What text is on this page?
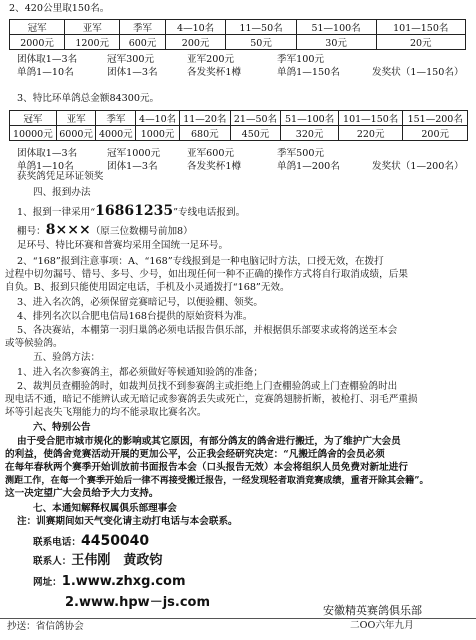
2、420公里取150名。
冠军	亚军	季军	4—10名	11—50名	51—100名	101—150名
2000元	1200元	600元	200元	50元	30元	20元
团体取1—3名	冠军300元	亚军200元	季军100元
单鸽1—10名	团体1—3名	各发奖杯1樽	单鸽1—150名	发奖状（1—150名）
3、特比环单鸽总金额84300元。
冠军	亚军	季军	4—10名	11—20名	21—50名	51—100名	101—150名	151—200名
10000元	6000元	4000元	1000元	680元	450元	320元	220元	200元
团体取1—3名	冠军1000元	亚军600元	季军500元
单鸽1—10名	团体1—3名	各发奖杯1樽	单鸽1—200名	发奖状（1—200名）
获奖鸽凭足环证领奖
四、报到办法
1、报到一律采用“16861235”专线电话报到。
棚号：8×××（原三位数棚号前加8）
足环号、特比环赛和普赛均采用全国统一足环号。
2、“168”报到注意事项：A、“168”专线报到是一种电脑记时方法，口授无效，在拨打
过程中切勿漏号、错号、多号、少号，如出现任何一种不正确的操作方式将自行取消成绩，后果
自负。B、报到只能使用固定电话，手机及小灵通拨打“168”无效。
3、进入名次鸽，必须保留竞赛暗记号，以便验棚、领奖。
4、排列名次以合肥电信局168台提供的原始资料为准。
5、各决赛站，本棚第一羽归巢鸽必须电话报告俱乐部，并根据俱乐部要求或将鸽送至本会
或等候验鸽。
五、验鸽方法：
1、进入名次参赛鸽主，都必须做好等候通知验鸽的准备；
2、裁判员查棚验鸽时，如裁判员找不到参赛鸽主或拒绝上门查棚验鸽或上门查棚验鸽时出
现电话不通，暗记不能辨认或无暗记或参赛鸽丢失或死亡，竞赛鸽翅膀折断，被枪打、羽毛严重损
坏等引起丧失飞翔能力的均不能录取比赛名次。
六、特别公告
由于受合肥市城市规化的影响或其它原因，有部分鸽友的鸽舍进行搬迁，为了维护广大会员
的利益，使鸽舍竞赛活动开展的更加公平，公正我会经研究决定：“凡搬迁鸽舍的会员必须
在每年春秋两个赛季开始训放前书面报告本会（口头报告无效）本会将组织人员免费对新址进行
测距工作，在每一个赛季开始后一律不再接受搬迁报告，一经发现轻者取消竞赛成绩，重者开除其会籍”。
这一决定望广大会员给予大力支持。
七、本通知解释权属俱乐部理事会
注：训赛期间如天气变化请主动打电话与本会联系。
联系电话：4450040
联系人：王伟刚　黄政钧
网址：1.www.zhxg.com
2.www.hpw－js.com
安徽精英赛鸽俱乐部
抄送：省信鸽协会	二OO六年九月
